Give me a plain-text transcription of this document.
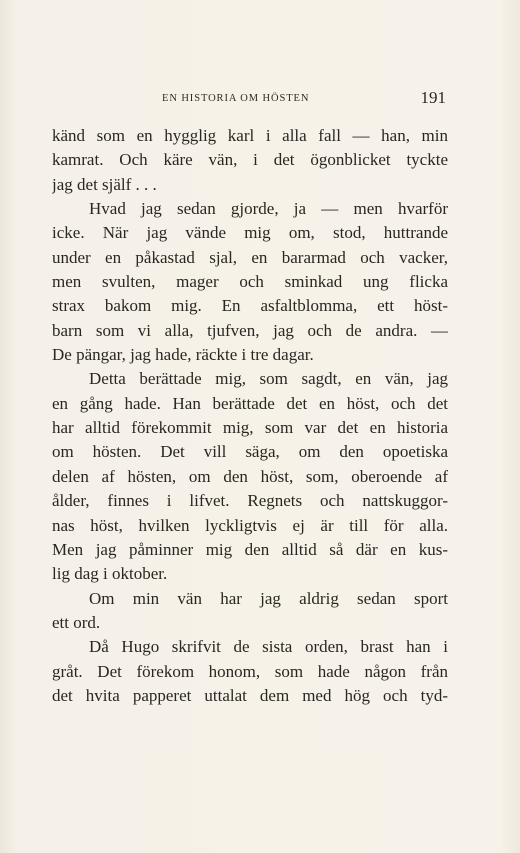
EN HISTORIA OM HÖSTEN	191
känd som en hygglig karl i alla fall — han, min
kamrat. Och käre vän, i det ögonblicket tyckte
jag det själf . . .
Hvad jag sedan gjorde, ja — men hvarför
icke. När jag vände mig om, stod, huttrande
under en påkastad sjal, en bararmad och vacker,
men svulten, mager och sminkad ung flicka
strax bakom mig. En asfaltblomma, ett höst-
barn som vi alla, tjufven, jag och de andra. —
De pängar, jag hade, räckte i tre dagar.
Detta berättade mig, som sagdt, en vän, jag
en gång hade. Han berättade det en höst, och det
har alltid förekommit mig, som var det en historia
om hösten. Det vill säga, om den opoetiska
delen af hösten, om den höst, som, oberoende af
ålder, finnes i lifvet. Regnets och nattskuggor-
nas höst, hvilken lyckligtvis ej är till för alla.
Men jag påminner mig den alltid så där en kus-
lig dag i oktober.
Om min vän har jag aldrig sedan sport
ett ord.
Då Hugo skrifvit de sista orden, brast han i
gråt. Det förekom honom, som hade någon från
det hvita papperet uttalat dem med hög och tyd-
